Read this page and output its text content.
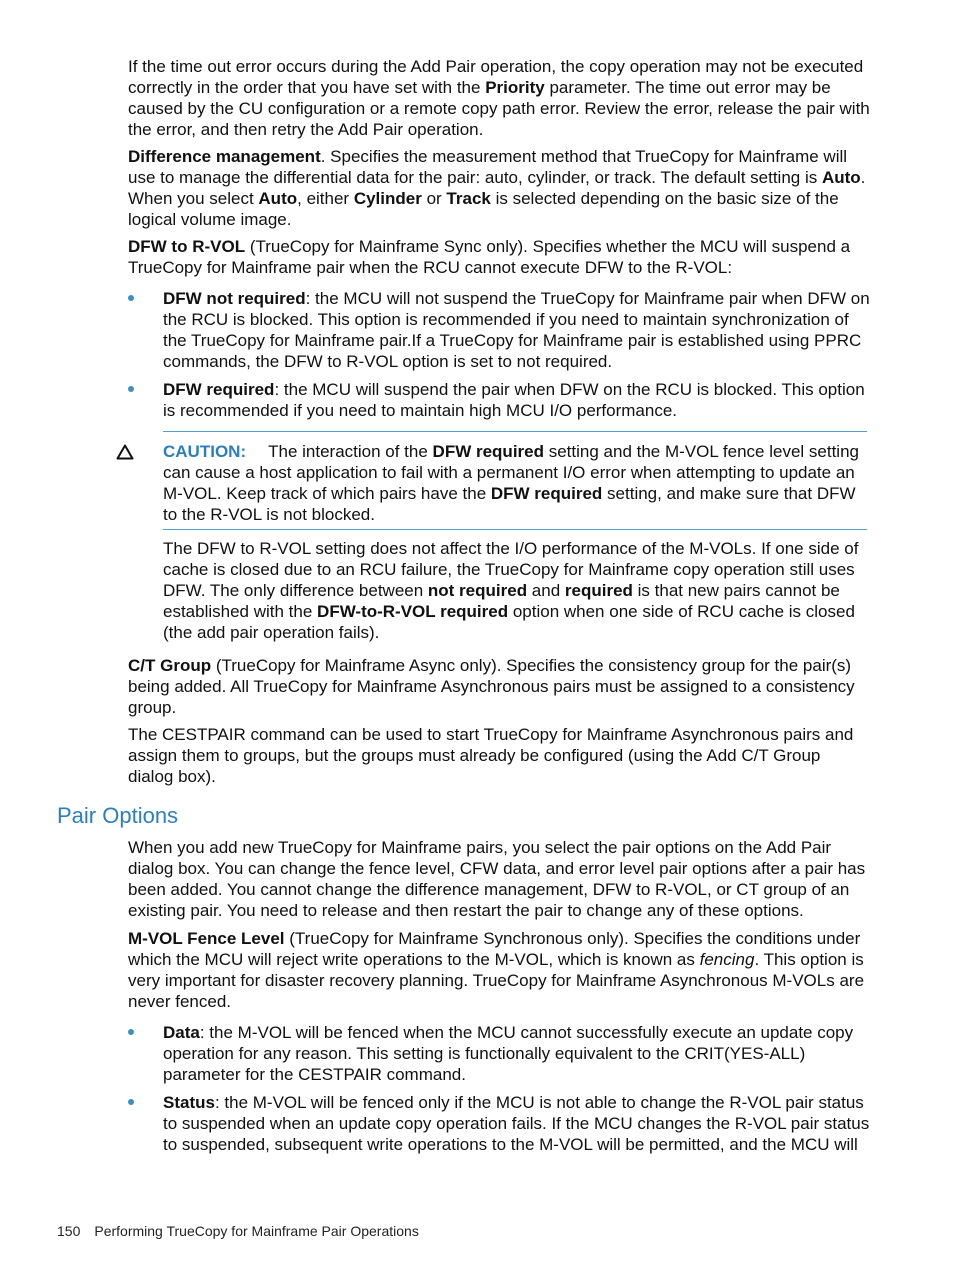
If the time out error occurs during the Add Pair operation, the copy operation may not be executed correctly in the order that you have set with the Priority parameter. The time out error may be caused by the CU configuration or a remote copy path error. Review the error, release the pair with the error, and then retry the Add Pair operation.

Difference management. Specifies the measurement method that TrueCopy for Mainframe will use to manage the differential data for the pair: auto, cylinder, or track. The default setting is Auto. When you select Auto, either Cylinder or Track is selected depending on the basic size of the logical volume image.

DFW to R-VOL (TrueCopy for Mainframe Sync only). Specifies whether the MCU will suspend a TrueCopy for Mainframe pair when the RCU cannot execute DFW to the R-VOL:

DFW not required: the MCU will not suspend the TrueCopy for Mainframe pair when DFW on the RCU is blocked. This option is recommended if you need to maintain synchronization of the TrueCopy for Mainframe pair.If a TrueCopy for Mainframe pair is established using PPRC commands, the DFW to R-VOL option is set to not required.
DFW required: the MCU will suspend the pair when DFW on the RCU is blocked. This option is recommended if you need to maintain high MCU I/O performance.

CAUTION: The interaction of the DFW required setting and the M-VOL fence level setting can cause a host application to fail with a permanent I/O error when attempting to update an M-VOL. Keep track of which pairs have the DFW required setting, and make sure that DFW to the R-VOL is not blocked.

The DFW to R-VOL setting does not affect the I/O performance of the M-VOLs. If one side of cache is closed due to an RCU failure, the TrueCopy for Mainframe copy operation still uses DFW. The only difference between not required and required is that new pairs cannot be established with the DFW-to-R-VOL required option when one side of RCU cache is closed (the add pair operation fails).

C/T Group (TrueCopy for Mainframe Async only). Specifies the consistency group for the pair(s) being added. All TrueCopy for Mainframe Asynchronous pairs must be assigned to a consistency group.

The CESTPAIR command can be used to start TrueCopy for Mainframe Asynchronous pairs and assign them to groups, but the groups must already be configured (using the Add C/T Group dialog box).

Pair Options

When you add new TrueCopy for Mainframe pairs, you select the pair options on the Add Pair dialog box. You can change the fence level, CFW data, and error level pair options after a pair has been added. You cannot change the difference management, DFW to R-VOL, or CT group of an existing pair. You need to release and then restart the pair to change any of these options.

M-VOL Fence Level (TrueCopy for Mainframe Synchronous only). Specifies the conditions under which the MCU will reject write operations to the M-VOL, which is known as fencing. This option is very important for disaster recovery planning. TrueCopy for Mainframe Asynchronous M-VOLs are never fenced.

Data: the M-VOL will be fenced when the MCU cannot successfully execute an update copy operation for any reason. This setting is functionally equivalent to the CRIT(YES-ALL) parameter for the CESTPAIR command.
Status: the M-VOL will be fenced only if the MCU is not able to change the R-VOL pair status to suspended when an update copy operation fails. If the MCU changes the R-VOL pair status to suspended, subsequent write operations to the M-VOL will be permitted, and the MCU will
150 Performing TrueCopy for Mainframe Pair Operations
